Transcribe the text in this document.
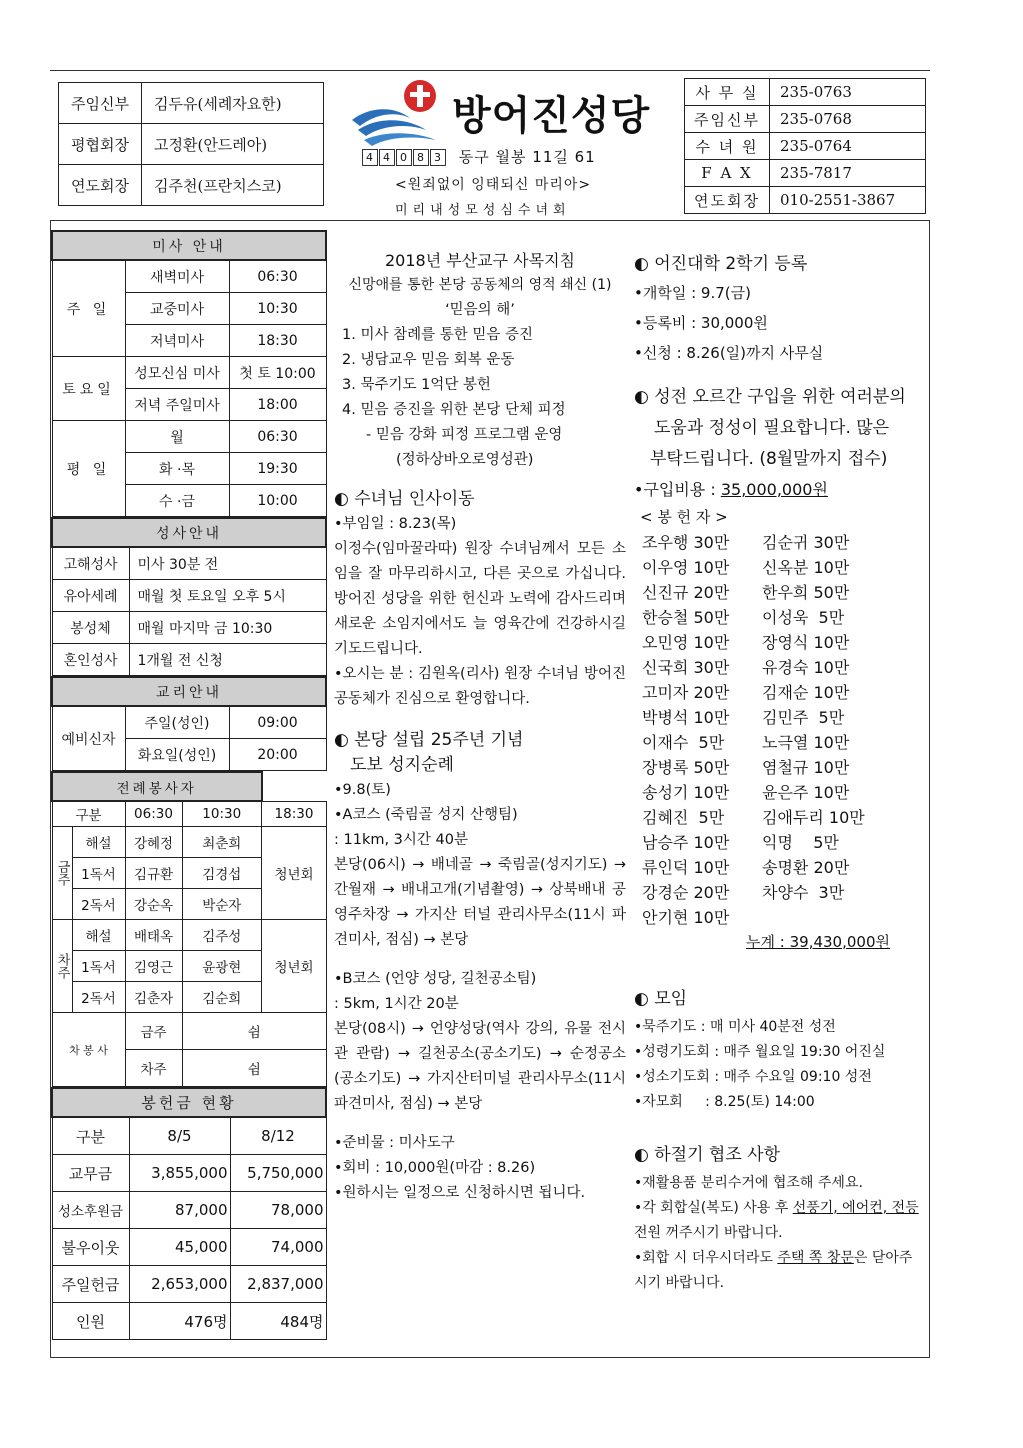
주임신부	김두유(세례자요한)
평협회장	고정환(안드레아)
연도회장	김주천(프란치스코)
방어진성당
4 4 0 8 3 동구 월봉 11길 61
<원죄없이 잉태되신 마리아>
미리내성모성심수녀회
사 무 실	235-0763
주임신부	235-0768
수 녀 원	235-0764
F A X	235-7817
연도회장	010-2551-3867
미사 안내		
주 일	새벽미사	06:30
	교중미사	10:30
	저녁미사	18:30
토요일	성모신심 미사	첫 토 10:00
	저녁 주일미사	18:00
평 일	월	06:30
	화 ·목	19:30
	수 ·금	10:00
성사안내	
고해성사	미사 30분 전
유아세례	매월 첫 토요일 오후 5시
봉성체	매월 마지막 금 10:30
혼인성사	1개월 전 신청
교리안내		
예비신자	주일(성인)	09:00
	화요일(성인)	20:00
전례봉사자				
구분		06:30	10:30	18:30
금주	해설	강혜정	최춘희	청년회
	1독서	김규환	김경섭	
	2독서	강순옥	박순자	
차주	해설	배태옥	김주성	청년회
	1독서	김영근	윤광현	
	2독서	김춘자	김순희	
차 봉 사		금주	쉼	
		차주	쉼	
봉헌금 현황		
구분	8/5	8/12
교무금	3,855,000	5,750,000
성소후원금	87,000	78,000
불우이웃	45,000	74,000
주일헌금	2,653,000	2,837,000
인원	476명	484명
2018년 부산교구 사목지침
신망애를 통한 본당 공동체의 영적 쇄신 (1)
‘믿음의 해’
1. 미사 참례를 통한 믿음 증진
2. 냉담교우 믿음 회복 운동
3. 묵주기도 1억단 봉헌
4. 믿음 증진을 위한 본당 단체 피정
- 믿음 강화 피정 프로그램 운영
(정하상바오로영성관)
◐ 수녀님 인사이동
•부임일 : 8.23(목)
이정수(임마꿀라따) 원장 수녀님께서 모든 소임을 잘 마무리하시고, 다른 곳으로 가십니다. 방어진 성당을 위한 헌신과 노력에 감사드리며 새로운 소임지에서도 늘 영육간에 건강하시길 기도드립니다.
•오시는 분 : 김원옥(리사) 원장 수녀님 방어진 공동체가 진심으로 환영합니다.
◐ 본당 설립 25주년 기념
도보 성지순례
•9.8(토)
•A코스 (죽림골 성지 산행팀)
: 11km, 3시간 40분
본당(06시) → 배네골 → 죽림골(성지기도) → 간월재 → 배내고개(기념촬영) → 상북배내 공영주차장 → 가지산 터널 관리사무소(11시 파견미사, 점심) → 본당
•B코스 (언양 성당, 길천공소팀)
: 5km, 1시간 20분
본당(08시) → 언양성당(역사 강의, 유물 전시관 관람) → 길천공소(공소기도) → 순정공소(공소기도) → 가지산터미널 관리사무소(11시 파견미사, 점심) → 본당
•준비물 : 미사도구
•회비 : 10,000원(마감 : 8.26)
•원하시는 일정으로 신청하시면 됩니다.
◐ 어진대학 2학기 등록
•개학일 : 9.7(금)
•등록비 : 30,000원
•신청 : 8.26(일)까지 사무실
◐ 성전 오르간 구입을 위한 여러분의
도움과 정성이 필요합니다. 많은
부탁드립니다. (8월말까지 접수)
•구입비용 : 35,000,000원
< 봉 헌 자 >
조우행 30만	김순귀 30만
이우영 10만	신옥분 10만
신진규 20만	한우희 50만
한승철 50만	이성욱  5만
오민영 10만	장영식 10만
신국희 30만	유경숙 10만
고미자 20만	김재순 10만
박병석 10만	김민주  5만
이재수  5만	노극열 10만
장병록 50만	염철규 10만
송성기 10만	윤은주 10만
김혜진  5만	김애두리 10만
남승주 10만	익명    5만
류인덕 10만	송명환 20만
강경순 20만	차양수  3만
안기현 10만
누계 : 39,430,000원
◐ 모임
•묵주기도 : 매 미사 40분전 성전
•성령기도회 : 매주 월요일 19:30 어진실
•성소기도회 : 매주 수요일 09:10 성전
•자모회     : 8.25(토) 14:00
◐ 하절기 협조 사항
•재활용품 분리수거에 협조해 주세요.
•각 회합실(복도) 사용 후 선풍기, 에어컨, 전등 전원 꺼주시기 바랍니다.
•회합 시 더우시더라도 주택 쪽 창문은 닫아주시기 바랍니다.
